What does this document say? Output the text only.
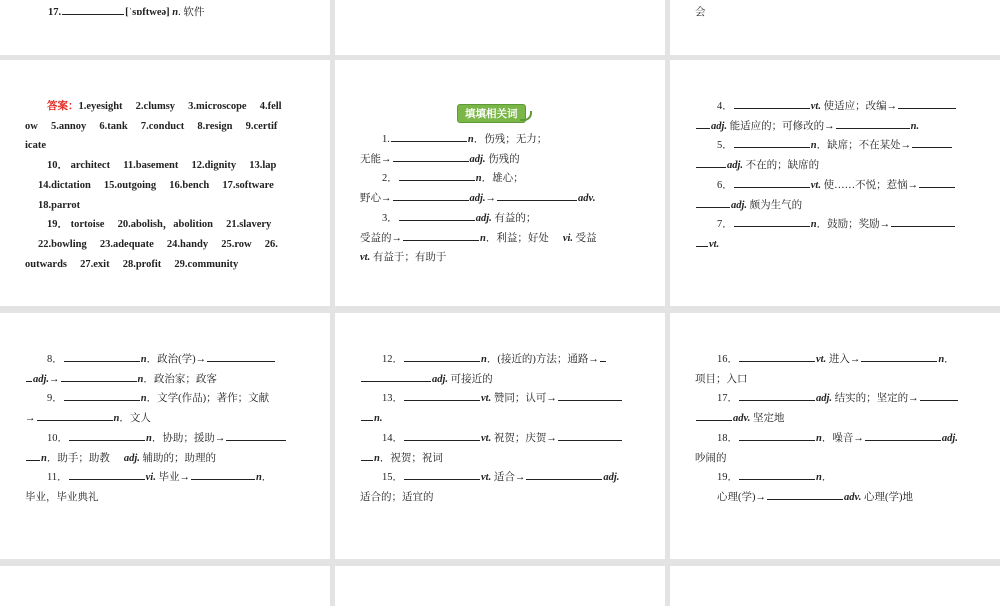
17.	[ˈsɒftweə] n. 软件	会
答案：1.eyesight　 2.clumsy　 3.microscope　 4.fell
ow　 5.annoy　 6.tank　 7.conduct　 8.resign　 9.certif
icate
10． architect　 11.basement　 12.dignity　 13.lap
14.dictation　 15.outgoing　 16.bench　 17.software
18.parrot
19． tortoise　 20.abolish，abolition　 21.slavery
22.bowling　 23.adequate　 24.handy　 25.row　 26.
outwards　 27.exit　 28.profit　 29.community
填填相关词
1.	n．伤残；无力；
无能→	adj. 伤残的
2．	n．雄心；
野心→	adj.→	adv.
3．	adj. 有益的；
受益的→	n．利益；好处 vi. 受益
vt. 有益于；有助于
4．	vt. 使适应；改编→
adj. 能适应的；可修改的→	n.
5．	n．缺席；不在某处→
adj. 不在的；缺席的
6．	vt. 使……不悦；惹恼→
adj. 颇为生气的
7．	n．鼓励；奖励→
vt.
8．	n．政治(学)→
adj.→	n．政治家；政客
9．	n．文学(作品)；著作；文献
→	n．文人
10．	n．协助；援助→
n．助手；助教 adj. 辅助的；助理的
11．	vi. 毕业→	n．
毕业，毕业典礼
12．	n．(接近的)方法；通路→
adj. 可接近的
13．	vt. 赞同；认可→
n.
14．	vt. 祝贺；庆贺→
n．祝贺；祝词
15．	vt. 适合→	adj.
适合的；适宜的
16．	vt. 进入→	n．
项目；入口
17．	adj. 结实的；坚定的→
adv. 坚定地
18．	n．噪音→	adj.
吵闹的
19．	n．
心理(学)→	adv. 心理(学)地
